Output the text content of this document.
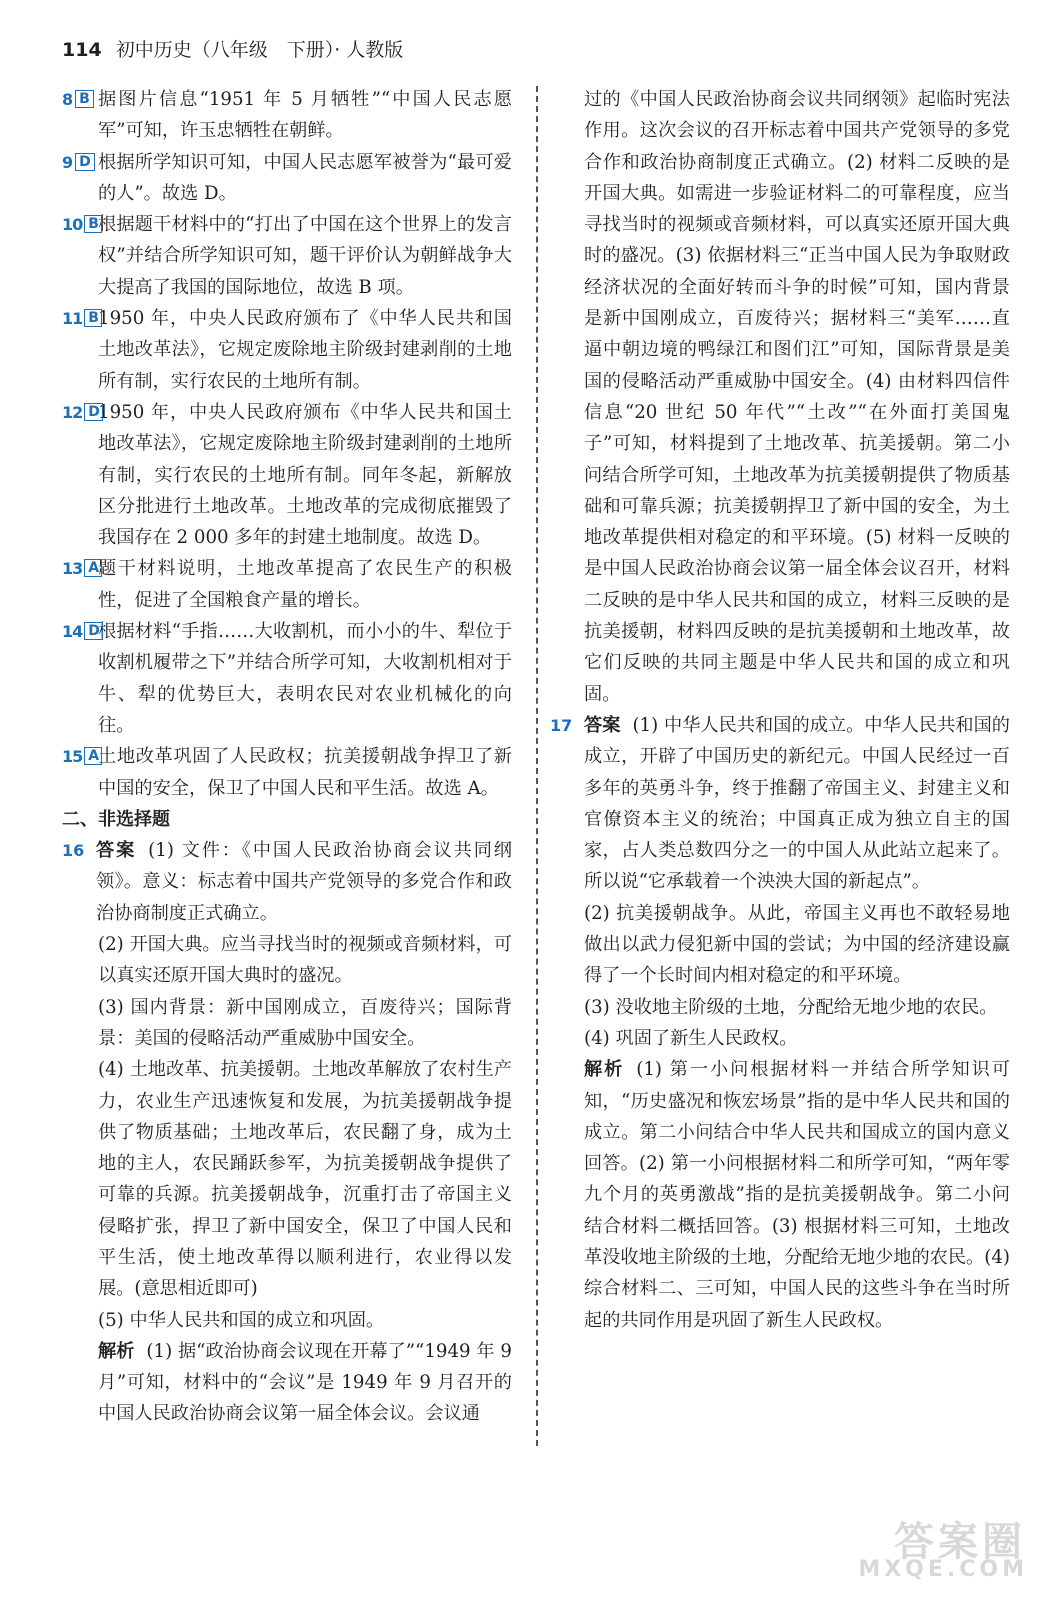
114 初中历史（八年级　下册）· 人教版

8 B 据图片信息“1951 年 5 月牺牲”“中国人民志愿军”可知，许玉忠牺牲在朝鲜。

9 D 根据所学知识可知，中国人民志愿军被誉为“最可爱的人”。故选 D。

10 B 根据题干材料中的“打出了中国在这个世界上的发言权”并结合所学知识可知，题干评价认为朝鲜战争大大提高了我国的国际地位，故选 B 项。

11 B 1950 年，中央人民政府颁布了《中华人民共和国土地改革法》，它规定废除地主阶级封建剥削的土地所有制，实行农民的土地所有制。

12 D 1950 年，中央人民政府颁布《中华人民共和国土地改革法》，它规定废除地主阶级封建剥削的土地所有制，实行农民的土地所有制。同年冬起，新解放区分批进行土地改革。土地改革的完成彻底摧毁了我国存在 2 000 多年的封建土地制度。故选 D。

13 A 题干材料说明，土地改革提高了农民生产的积极性，促进了全国粮食产量的增长。

14 D 根据材料“手指……大收割机，而小小的牛、犁位于收割机履带之下”并结合所学可知，大收割机相对于牛、犁的优势巨大，表明农民对农业机械化的向往。

15 A 土地改革巩固了人民政权；抗美援朝战争捍卫了新中国的安全，保卫了中国人民和平生活。故选 A。

二、非选择题

16 答案 (1) 文件：《中国人民政治协商会议共同纲领》。意义：标志着中国共产党领导的多党合作和政治协商制度正式确立。

(2) 开国大典。应当寻找当时的视频或音频材料，可以真实还原开国大典时的盛况。

(3) 国内背景：新中国刚成立，百废待兴；国际背景：美国的侵略活动严重威胁中国安全。

(4) 土地改革、抗美援朝。土地改革解放了农村生产力，农业生产迅速恢复和发展，为抗美援朝战争提供了物质基础；土地改革后，农民翻了身，成为土地的主人，农民踊跃参军，为抗美援朝战争提供了可靠的兵源。抗美援朝战争，沉重打击了帝国主义侵略扩张，捍卫了新中国安全，保卫了中国人民和平生活，使土地改革得以顺利进行，农业得以发展。(意思相近即可)

(5) 中华人民共和国的成立和巩固。

解析 (1) 据“政治协商会议现在开幕了”“1949 年 9 月”可知，材料中的“会议”是 1949 年 9 月召开的中国人民政治协商会议第一届全体会议。会议通

过的《中国人民政治协商会议共同纲领》起临时宪法作用。这次会议的召开标志着中国共产党领导的多党合作和政治协商制度正式确立。(2) 材料二反映的是开国大典。如需进一步验证材料二的可靠程度，应当寻找当时的视频或音频材料，可以真实还原开国大典时的盛况。(3) 依据材料三“正当中国人民为争取财政经济状况的全面好转而斗争的时候”可知，国内背景是新中国刚成立，百废待兴；据材料三“美军……直逼中朝边境的鸭绿江和图们江”可知，国际背景是美国的侵略活动严重威胁中国安全。(4) 由材料四信件信息“20 世纪 50 年代”“土改”“在外面打美国鬼子”可知，材料提到了土地改革、抗美援朝。第二小问结合所学可知，土地改革为抗美援朝提供了物质基础和可靠兵源；抗美援朝捍卫了新中国的安全，为土地改革提供相对稳定的和平环境。(5) 材料一反映的是中国人民政治协商会议第一届全体会议召开，材料二反映的是中华人民共和国的成立，材料三反映的是抗美援朝，材料四反映的是抗美援朝和土地改革，故它们反映的共同主题是中华人民共和国的成立和巩固。

17 答案 (1) 中华人民共和国的成立。中华人民共和国的成立，开辟了中国历史的新纪元。中国人民经过一百多年的英勇斗争，终于推翻了帝国主义、封建主义和官僚资本主义的统治；中国真正成为独立自主的国家，占人类总数四分之一的中国人从此站立起来了。所以说“它承载着一个泱泱大国的新起点”。

(2) 抗美援朝战争。从此，帝国主义再也不敢轻易地做出以武力侵犯新中国的尝试；为中国的经济建设赢得了一个长时间内相对稳定的和平环境。

(3) 没收地主阶级的土地，分配给无地少地的农民。

(4) 巩固了新生人民政权。

解析 (1) 第一小问根据材料一并结合所学知识可知，“历史盛况和恢宏场景”指的是中华人民共和国的成立。第二小问结合中华人民共和国成立的国内意义回答。(2) 第一小问根据材料二和所学可知，“两年零九个月的英勇激战”指的是抗美援朝战争。第二小问结合材料二概括回答。(3) 根据材料三可知，土地改革没收地主阶级的土地，分配给无地少地的农民。(4) 综合材料二、三可知，中国人民的这些斗争在当时所起的共同作用是巩固了新生人民政权。

答案圈
MXQE.COM
